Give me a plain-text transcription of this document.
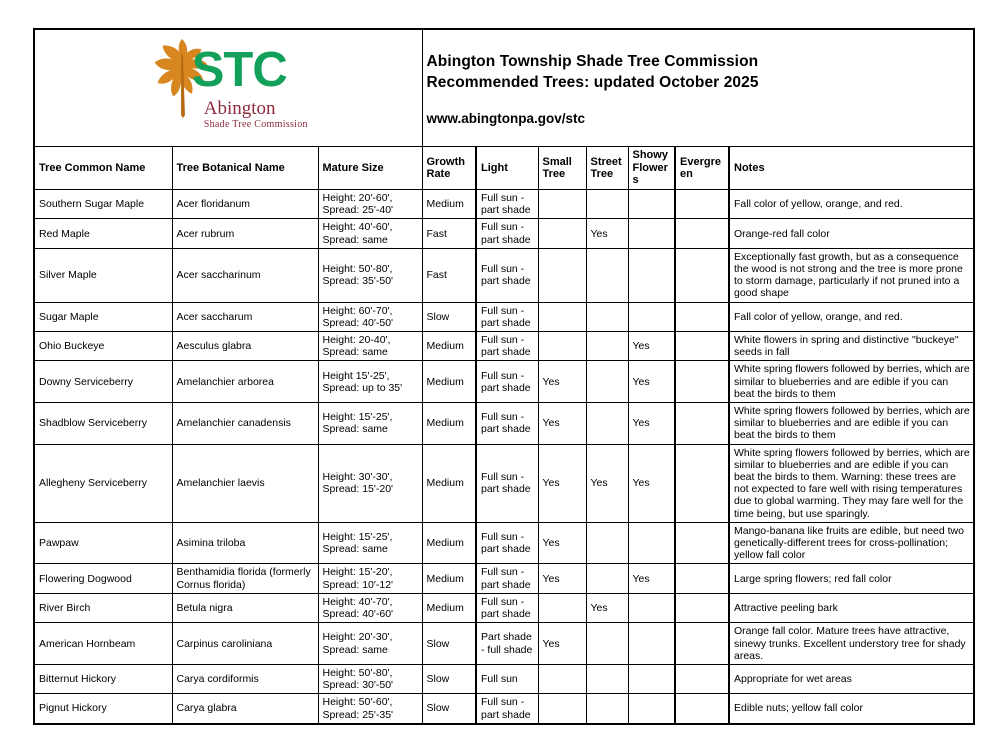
STC
Abington
Shade Tree Commission

Abington Township Shade Tree Commission
Recommended Trees: updated October 2025
www.abingtonpa.gov/stc

Tree Common Name	Tree Botanical Name	Mature Size	Growth Rate	Light	Small Tree	Street Tree	Showy Flowers	Evergreen	Notes
Southern Sugar Maple	Acer floridanum	Height: 20'-60', Spread: 25'-40'	Medium	Full sun - part shade					Fall color of yellow, orange, and red.
Red Maple	Acer rubrum	Height: 40'-60', Spread: same	Fast	Full sun - part shade		Yes			Orange-red fall color
Silver Maple	Acer saccharinum	Height: 50'-80', Spread: 35'-50'	Fast	Full sun - part shade					Exceptionally fast growth, but as a consequence the wood is not strong and the tree is more prone to storm damage, particularly if not pruned into a good shape
Sugar Maple	Acer saccharum	Height: 60'-70', Spread: 40'-50'	Slow	Full sun - part shade					Fall color of yellow, orange, and red.
Ohio Buckeye	Aesculus glabra	Height: 20-40', Spread: same	Medium	Full sun - part shade			Yes		White flowers in spring and distinctive "buckeye" seeds in fall
Downy Serviceberry	Amelanchier arborea	Height 15'-25', Spread: up to 35'	Medium	Full sun - part shade	Yes		Yes		White spring flowers followed by berries, which are similar to blueberries and are edible if you can beat the birds to them
Shadblow Serviceberry	Amelanchier canadensis	Height: 15'-25', Spread: same	Medium	Full sun - part shade	Yes		Yes		White spring flowers followed by berries, which are similar to blueberries and are edible if you can beat the birds to them
Allegheny Serviceberry	Amelanchier laevis	Height: 30'-30', Spread: 15'-20'	Medium	Full sun - part shade	Yes	Yes	Yes		White spring flowers followed by berries, which are similar to blueberries and are edible if you can beat the birds to them. Warning: these trees are not expected to fare well with rising temperatures due to global warming. They may fare well for the time being, but use sparingly.
Pawpaw	Asimina triloba	Height: 15'-25', Spread: same	Medium	Full sun - part shade	Yes				Mango-banana like fruits are edible, but need two genetically-different trees for cross-pollination; yellow fall color
Flowering Dogwood	Benthamidia florida (formerly Cornus florida)	Height: 15'-20', Spread: 10'-12'	Medium	Full sun - part shade	Yes		Yes		Large spring flowers; red fall color
River Birch	Betula nigra	Height: 40'-70', Spread: 40'-60'	Medium	Full sun - part shade		Yes			Attractive peeling bark
American Hornbeam	Carpinus caroliniana	Height: 20'-30', Spread: same	Slow	Part shade - full shade	Yes				Orange fall color. Mature trees have attractive, sinewy trunks. Excellent understory tree for shady areas.
Bitternut Hickory	Carya cordiformis	Height: 50'-80', Spread: 30'-50'	Slow	Full sun					Appropriate for wet areas
Pignut Hickory	Carya glabra	Height: 50'-60', Spread: 25'-35'	Slow	Full sun - part shade					Edible nuts; yellow fall color
